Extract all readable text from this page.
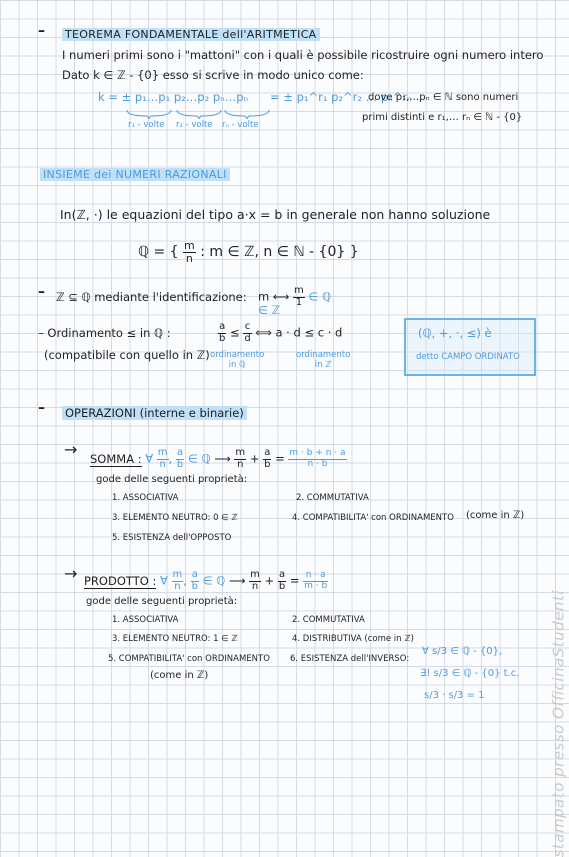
– TEOREMA FONDAMENTALE dell'ARITMETICA
I numeri primi sono i "mattoni" con i quali è possibile ricostruire ogni numero intero
Dato k ∈ ℤ - {0} esso si scrive in modo unico come:
k = ± p₁…p₁ p₂…p₂ pₙ…pₙ = ± p₁^r₁ p₂^r₂ … pₙ^rₙ
r₁ - volte r₂ - volte rₙ - volte
dove p₁,…pₙ ∈ ℕ sono numeri
primi distinti e r₁,… rₙ ∈ ℕ - {0}
INSIEME dei NUMERI RAZIONALI
In(ℤ, ·) le equazioni del tipo a·x = b in generale non hanno soluzione
ℚ = { $\frac{m}{n}$ : m ∈ ℤ, n ∈ ℕ - {0} }
– ℤ ⊆ ℚ mediante l'identificazione: m ⟷ $\frac{m}{1}$ ∈ ℚ
∈ ℤ
– Ordinamento ≤ in ℚ :
(compatibile con quello in ℤ)
$\frac{a}{b} \le \frac{c}{d}$ ⟺ a · d ≤ c · d
ordinamento
in ℚ
ordinamento
in ℤ
(ℚ, +, ·, ≤) è
detto CAMPO ORDINATO
– OPERAZIONI (interne e binarie)
→ SOMMA : ∀ $\frac{m}{n}$ , $\frac{a}{b}$ ∈ ℚ ⟶ $\frac{m}{n} + \frac{a}{b} = \frac{m \cdot b + n \cdot a}{n \cdot b}$
gode delle seguenti proprietà:
1. ASSOCIATIVA	2. COMMUTATIVA
3. ELEMENTO NEUTRO: 0 ∈ ℤ	4. COMPATIBILITA' con ORDINAMENTO (come in ℤ)
5. ESISTENZA dell'OPPOSTO
→ PRODOTTO : ∀ $\frac{m}{n}$ , $\frac{a}{b}$ ∈ ℚ ⟶ $\frac{m}{n} + \frac{a}{b} = \frac{n \cdot a}{m \cdot b}$
gode delle seguenti proprietà:
1. ASSOCIATIVA	2. COMMUTATIVA
3. ELEMENTO NEUTRO: 1 ∈ ℤ	4. DISTRIBUTIVA (come in ℤ)
5. COMPATIBILITA' con ORDINAMENTO 6. ESISTENZA dell'INVERSO:
(come in ℤ)
∀ s/3 ∈ ℚ - {0},
∃! s/3 ∈ ℚ - {0} t.c.
s/3 · s/3 = 1	stampato presso OfficinaStudenti
